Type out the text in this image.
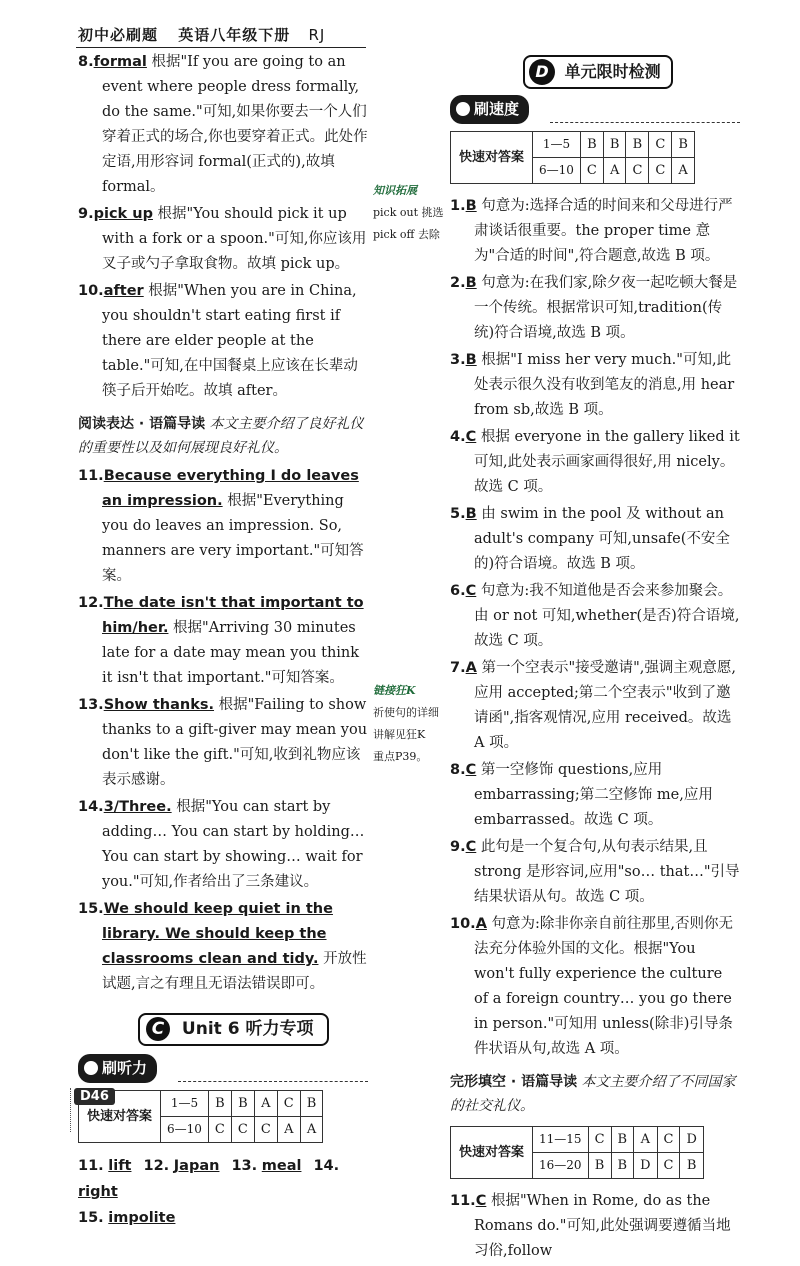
初中必刷题 英语八年级下册 RJ
8.formal 根据"If you are going to an event where people dress formally, do the same."可知,如果你要去一个人们穿着正式的场合,你也要穿着正式。此处作定语,用形容词 formal(正式的),故填 formal。
9.pick up 根据"You should pick it up with a fork or a spoon."可知,你应该用叉子或勺子拿取食物。故填 pick up。
10.after 根据"When you are in China, you shouldn't start eating first if there are elder people at the table."可知,在中国餐桌上应该在长辈动筷子后开始吃。故填 after。
阅读表达 · 语篇导读 本文主要介绍了良好礼仪的重要性以及如何展现良好礼仪。
11.Because everything I do leaves an impression. 根据"Everything you do leaves an impression. So, manners are very important."可知答案。
12.The date isn't that important to him/her. 根据"Arriving 30 minutes late for a date may mean you think it isn't that important."可知答案。
13.Show thanks. 根据"Failing to show thanks to a gift-giver may mean you don't like the gift."可知,收到礼物应该表示感谢。
14.3/Three. 根据"You can start by adding… You can start by holding… You can start by showing… wait for you."可知,作者给出了三条建议。
15.We should keep quiet in the library. We should keep the classrooms clean and tidy. 开放性试题,言之有理且无语法错误即可。
C Unit 6 听力专项
刷听力
快速对答案	1—5	B	B	A	C	B
	6—10	C	C	C	A	A
11. lift 12. Japan 13. meal 14. right
15. impolite
知识拓展
pick out 挑选
pick off 去除
链接狂K
祈使句的详细
讲解见狂K
重点P39。
D 单元限时检测
刷速度
快速对答案	1—5	B	B	B	C	B
	6—10	C	A	C	C	A
1.B 句意为:选择合适的时间来和父母进行严肃谈话很重要。the proper time 意为"合适的时间",符合题意,故选 B 项。
2.B 句意为:在我们家,除夕夜一起吃顿大餐是一个传统。根据常识可知,tradition(传统)符合语境,故选 B 项。
3.B 根据"I miss her very much."可知,此处表示很久没有收到笔友的消息,用 hear from sb,故选 B 项。
4.C 根据 everyone in the gallery liked it 可知,此处表示画家画得很好,用 nicely。故选 C 项。
5.B 由 swim in the pool 及 without an adult's company 可知,unsafe(不安全的)符合语境。故选 B 项。
6.C 句意为:我不知道他是否会来参加聚会。由 or not 可知,whether(是否)符合语境,故选 C 项。
7.A 第一个空表示"接受邀请",强调主观意愿,应用 accepted;第二个空表示"收到了邀请函",指客观情况,应用 received。故选 A 项。
8.C 第一空修饰 questions,应用 embarrassing;第二空修饰 me,应用 embarrassed。故选 C 项。
9.C 此句是一个复合句,从句表示结果,且 strong 是形容词,应用"so… that…"引导结果状语从句。故选 C 项。
10.A 句意为:除非你亲自前往那里,否则你无法充分体验外国的文化。根据"You won't fully experience the culture of a foreign country… you go there in person."可知用 unless(除非)引导条件状语从句,故选 A 项。
完形填空 · 语篇导读 本文主要介绍了不同国家的社交礼仪。
快速对答案	11—15	C	B	A	C	D
	16—20	B	B	D	C	B
11.C 根据"When in Rome, do as the Romans do."可知,此处强调要遵循当地习俗,follow
D46
